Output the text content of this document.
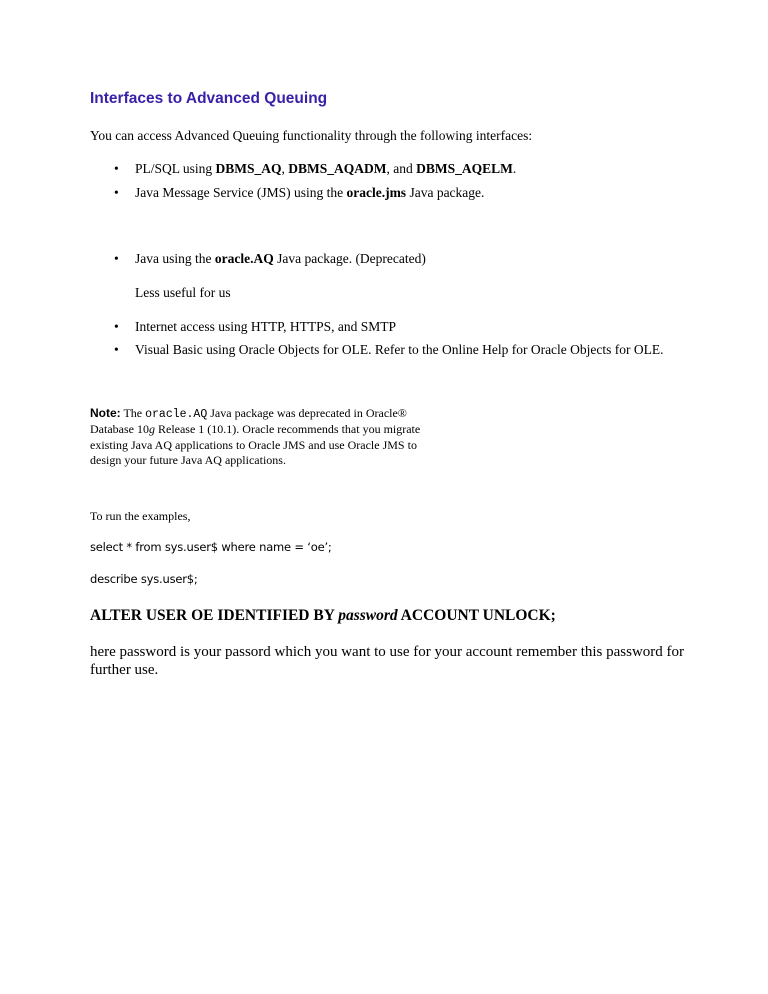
Interfaces to Advanced Queuing

You can access Advanced Queuing functionality through the following interfaces:

• PL/SQL using DBMS_AQ, DBMS_AQADM, and DBMS_AQELM.

• Java Message Service (JMS) using the oracle.jms Java package.

• Java using the oracle.AQ Java package. (Deprecated)

Less useful for us

• Internet access using HTTP, HTTPS, and SMTP

• Visual Basic using Oracle Objects for OLE. Refer to the Online Help for Oracle Objects for OLE.

Note: The oracle.AQ Java package was deprecated in Oracle® Database 10g Release 1 (10.1). Oracle recommends that you migrate existing Java AQ applications to Oracle JMS and use Oracle JMS to design your future Java AQ applications.

To run the examples,

select * from sys.user$ where name = ‘oe’;

describe sys.user$;

ALTER USER OE IDENTIFIED BY password ACCOUNT UNLOCK;

here password is your passord which you want to use for your account remember this password for further use.
